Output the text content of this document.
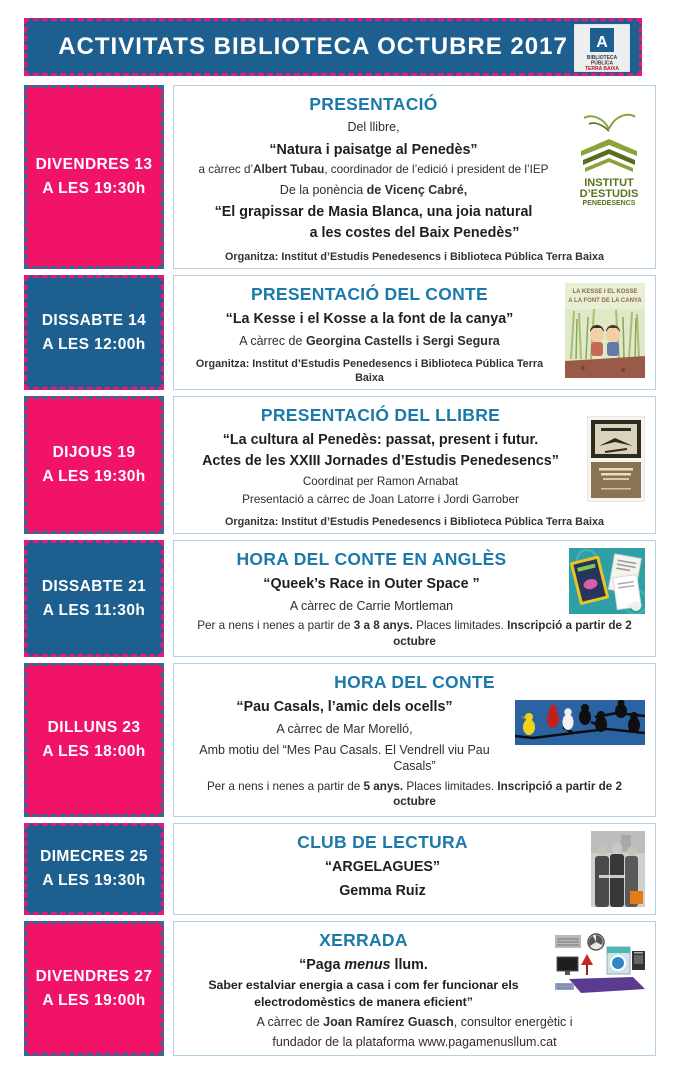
ACTIVITATS BIBLIOTECA OCTUBRE 2017	A
BIBLIOTECA
PÚBLICA
TERRA BAIXA
DIVENDRES 13
A LES 19:30h	INSTITUT
D’ESTUDIS
PENEDESENCS
PRESENTACIÓ
Del llibre,
“Natura i paisatge al Penedès”
a càrrec d’Albert Tubau, coordinador de l’edició i president de l’IEP
De la ponència de Vicenç Cabré,
“El grapissar de Masia Blanca, una joia natural
a les costes del Baix Penedès”
Organitza: Institut d’Estudis Penedesencs i Biblioteca Pública Terra Baixa
DISSABTE 14
A LES 12:00h
LA KESSE I EL KOSSE
A LA FONT DE LA CANYA
PRESENTACIÓ DEL CONTE
“La Kesse i el Kosse a la font de la canya”
A càrrec de Georgina Castells i Sergi Segura
Organitza: Institut d’Estudis Penedesencs i Biblioteca Pública Terra Baixa
DIJOUS 19
A LES 19:30h
PRESENTACIÓ DEL LLIBRE
“La cultura al Penedès: passat, present i futur.
Actes de les XXIII Jornades d’Estudis Penedesencs”
Coordinat per Ramon Arnabat
Presentació a càrrec de Joan Latorre i Jordi Garrober
Organitza: Institut d’Estudis Penedesencs i Biblioteca Pública Terra Baixa
DISSABTE 21
A LES 11:30h
HORA DEL CONTE EN ANGLÈS
“Queek’s Race in Outer Space ”
A càrrec de Carrie Mortleman
Per a nens i nenes a partir de 3 a 8 anys. Places limitades. Inscripció a partir de 2 octubre
DILLUNS 23
A LES 18:00h
HORA DEL CONTE
“Pau Casals, l’amic dels ocells”
A càrrec de Mar Morelló,
Amb motiu del “Mes Pau Casals. El Vendrell viu Pau Casals”
Per a nens i nenes a partir de 5 anys. Places limitades. Inscripció a partir de 2 octubre
DIMECRES 25
A LES 19:30h
CLUB DE LECTURA
“ARGELAGUES”
Gemma Ruiz
DIVENDRES 27
A LES 19:00h
XERRADA
“Paga menus llum.
Saber estalviar energia a casa i com fer funcionar els
electrodomèstics de manera eficient”
A càrrec de Joan Ramírez Guasch, consultor energètic i
fundador de la plataforma www.pagamenusllum.cat
